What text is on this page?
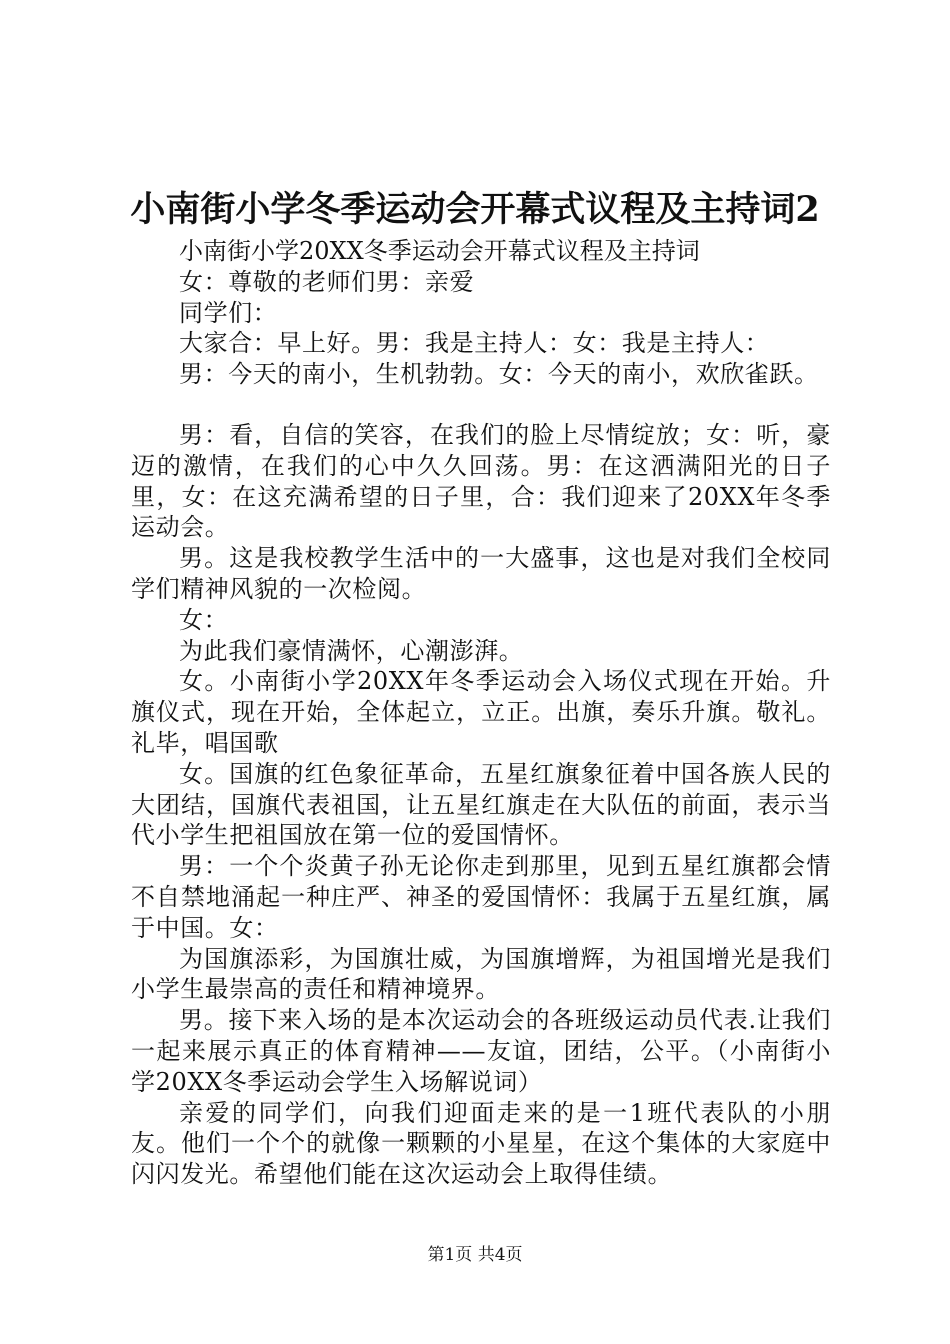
小南街小学冬季运动会开幕式议程及主持词2

小南街小学20XX冬季运动会开幕式议程及主持词

女：尊敬的老师们男：亲爱

同学们：

大家合：早上好。男：我是主持人：女：我是主持人：

男：今天的南小，生机勃勃。女：今天的南小，欢欣雀跃。

男：看，自信的笑容，在我们的脸上尽情绽放；女：听，豪迈的激情，在我们的心中久久回荡。男：在这洒满阳光的日子里，女：在这充满希望的日子里，合：我们迎来了20XX年冬季运动会。

男。这是我校教学生活中的一大盛事，这也是对我们全校同学们精神风貌的一次检阅。

女：

为此我们豪情满怀，心潮澎湃。

女。小南街小学20XX年冬季运动会入场仪式现在开始。升旗仪式，现在开始，全体起立，立正。出旗，奏乐升旗。敬礼。礼毕，唱国歌

女。国旗的红色象征革命，五星红旗象征着中国各族人民的大团结，国旗代表祖国，让五星红旗走在大队伍的前面，表示当代小学生把祖国放在第一位的爱国情怀。

男：一个个炎黄子孙无论你走到那里，见到五星红旗都会情不自禁地涌起一种庄严、神圣的爱国情怀：我属于五星红旗，属于中国。女：

为国旗添彩，为国旗壮威，为国旗增辉，为祖国增光是我们小学生最崇高的责任和精神境界。

男。接下来入场的是本次运动会的各班级运动员代表.让我们一起来展示真正的体育精神——友谊，团结，公平。（小南街小学20XX冬季运动会学生入场解说词）

亲爱的同学们，向我们迎面走来的是一1班代表队的小朋友。他们一个个的就像一颗颗的小星星，在这个集体的大家庭中闪闪发光。希望他们能在这次运动会上取得佳绩。

第1页 共4页
